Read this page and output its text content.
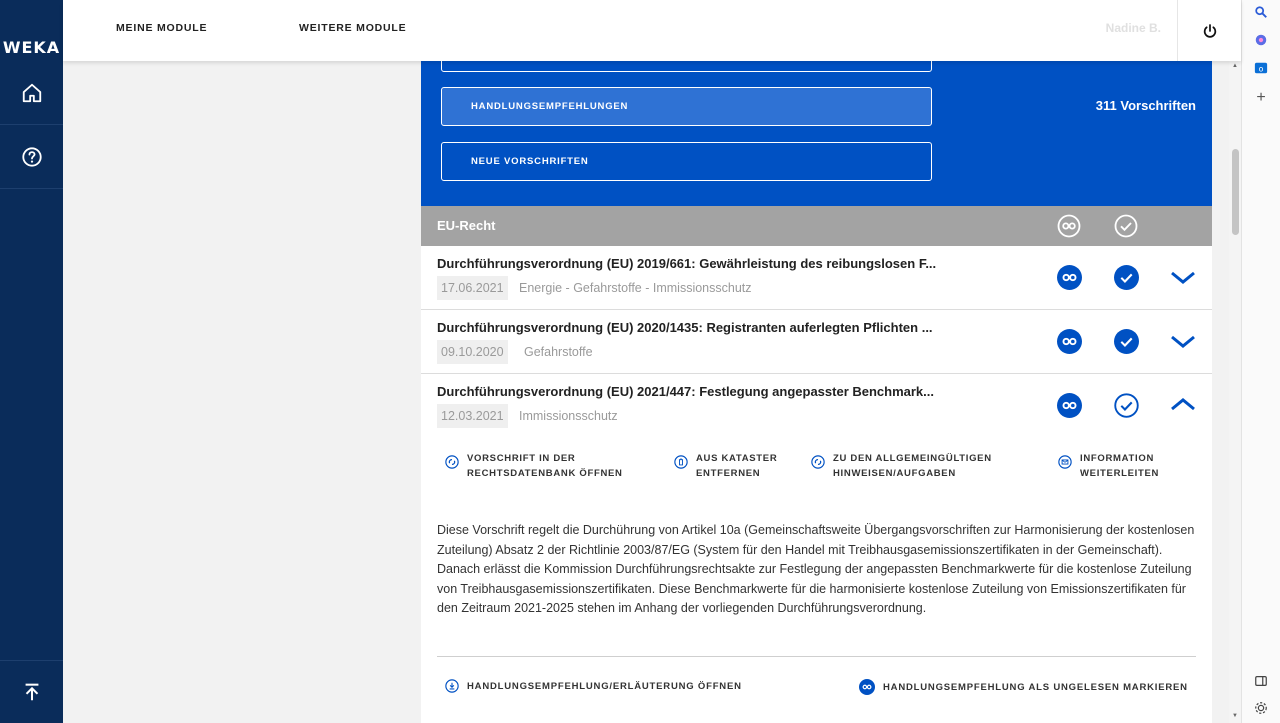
WEKA
MEINE MODULE	WEITERE MODULE	Nadine B.
HANDLUNGSEMPFEHLUNGEN
NEUE VORSCHRIFTEN
311 Vorschriften
EU-Recht
Durchführungsverordnung (EU) 2019/661: Gewährleistung des reibungslosen F...
17.06.2021	Energie - Gefahrstoffe - Immissionsschutz
Durchführungsverordnung (EU) 2020/1435: Registranten auferlegten Pflichten ...
09.10.2020	Gefahrstoffe
Durchführungsverordnung (EU) 2021/447: Festlegung angepasster Benchmark...
12.03.2021	Immissionsschutz
VORSCHRIFT IN DER
RECHTSDATENBANK ÖFFNEN
AUS KATASTER
ENTFERNEN
ZU DEN ALLGEMEINGÜLTIGEN
HINWEISEN/AUFGABEN
INFORMATION
WEITERLEITEN

Diese Vorschrift regelt die Durchührung von Artikel 10a (Gemeinschaftsweite Übergangsvorschriften zur Harmonisierung der kostenlosen Zuteilung) Absatz 2 der Richtlinie 2003/87/EG (System für den Handel mit Treibhausgasemissionszertifikaten in der Gemeinschaft). Danach erlässt die Kommission Durchführungsrechtsakte zur Festlegung der angepassten Benchmarkwerte für die kostenlose Zuteilung von Treibhausgasemissionszertifikaten. Diese Benchmarkwerte für die harmonisierte kostenlose Zuteilung von Emissionszertifikaten für den Zeitraum 2021-2025 stehen im Anhang der vorliegenden Durchführungsverordnung.

HANDLUNGSEMPFEHLUNG/ERLÄUTERUNG ÖFFNEN	HANDLUNGSEMPFEHLUNG ALS UNGELESEN MARKIEREN
▲
▼
o
+
